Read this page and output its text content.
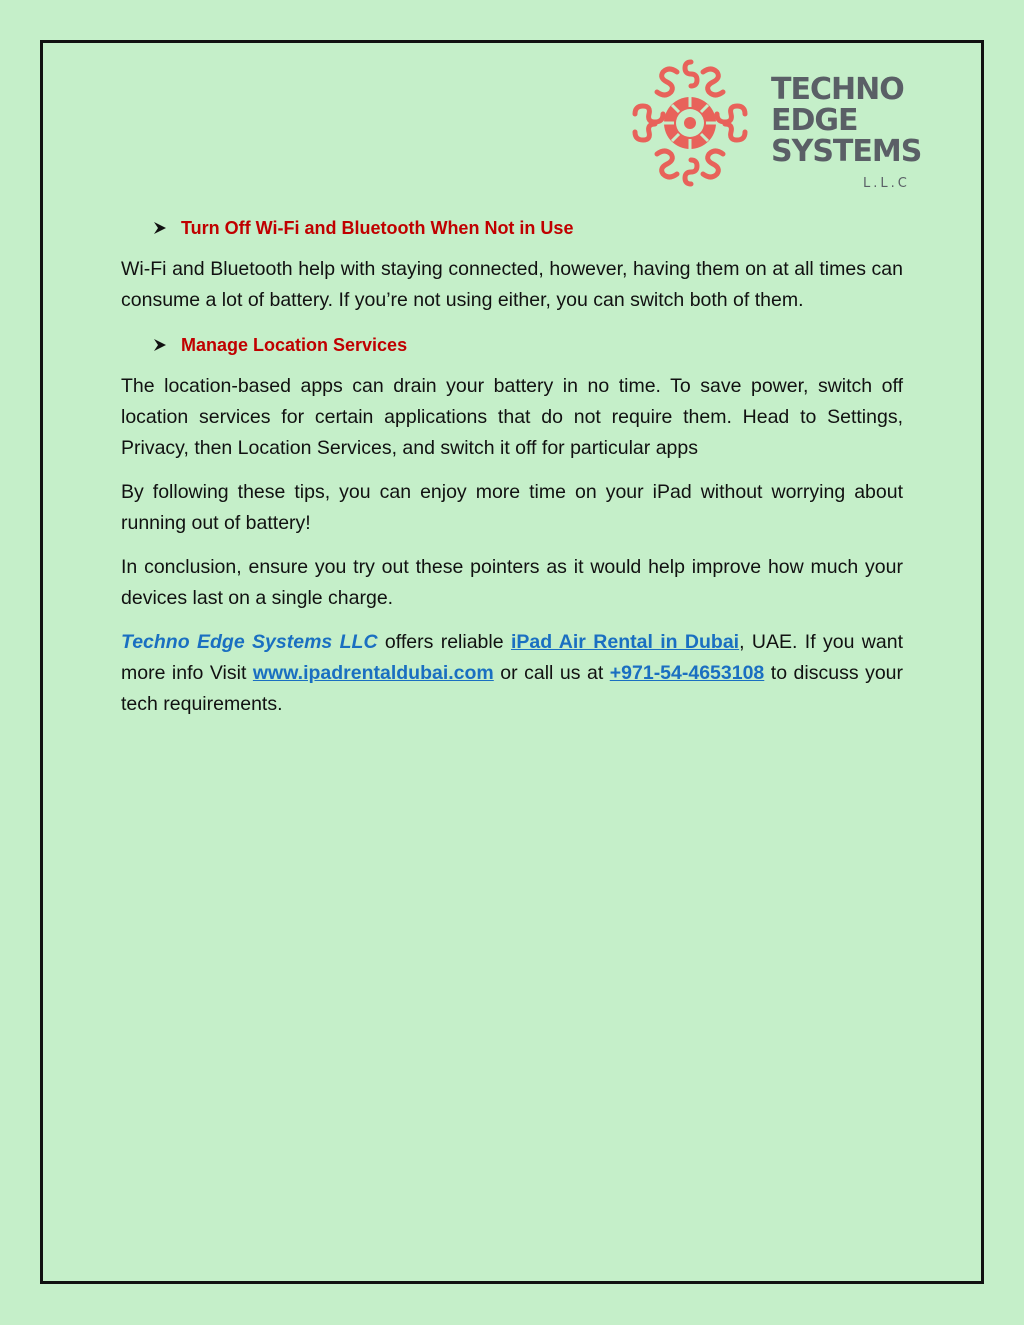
TECHNO
EDGE
SYSTEMS
L.L.C
Turn Off Wi-Fi and Bluetooth When Not in Use

Wi-Fi and Bluetooth help with staying connected, however, having them on at all times can consume a lot of battery. If you’re not using either, you can switch both of them.

Manage Location Services

The location-based apps can drain your battery in no time. To save power, switch off location services for certain applications that do not require them. Head to Settings, Privacy, then Location Services, and switch it off for particular apps

By following these tips, you can enjoy more time on your iPad without worrying about running out of battery!

In conclusion, ensure you try out these pointers as it would help improve how much your devices last on a single charge.

Techno Edge Systems LLC offers reliable iPad Air Rental in Dubai, UAE. If you want more info Visit www.ipadrentaldubai.com or call us at +971-54-4653108 to discuss your tech requirements.
